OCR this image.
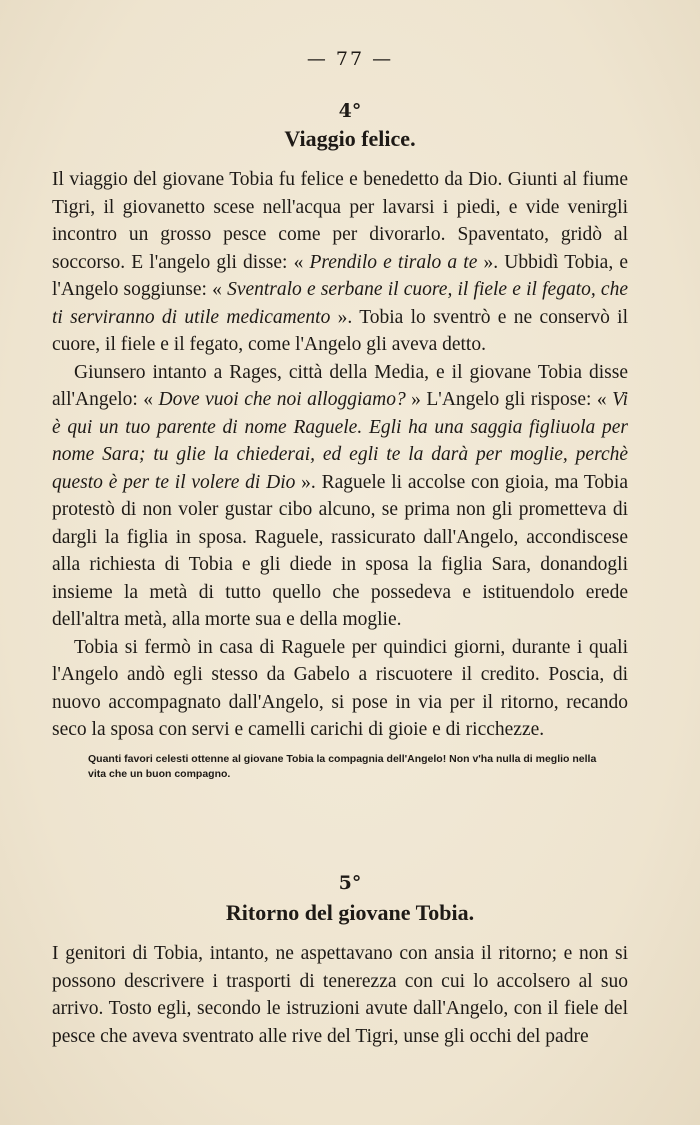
— 77 —
4°
Viaggio felice.

Il viaggio del giovane Tobia fu felice e benedetto da Dio. Giunti al fiume Tigri, il giovanetto scese nell'acqua per lavarsi i piedi, e vide venirgli incontro un grosso pesce come per divorarlo. Spaventato, gridò al soccorso. E l'angelo gli disse: « Prendilo e tiralo a te ». Ubbidì Tobia, e l'Angelo soggiunse: « Sventralo e serbane il cuore, il fiele e il fegato, che ti serviranno di utile medicamento ». Tobia lo sventrò e ne conservò il cuore, il fiele e il fegato, come l'Angelo gli aveva detto.

Giunsero intanto a Rages, città della Media, e il giovane Tobia disse all'Angelo: « Dove vuoi che noi alloggiamo? » L'Angelo gli rispose: « Vi è qui un tuo parente di nome Raguele. Egli ha una saggia figliuola per nome Sara; tu glie la chiederai, ed egli te la darà per moglie, perchè questo è per te il volere di Dio ». Raguele li accolse con gioia, ma Tobia protestò di non voler gustar cibo alcuno, se prima non gli prometteva di dargli la figlia in sposa. Raguele, rassicurato dall'Angelo, accondiscese alla richiesta di Tobia e gli diede in sposa la figlia Sara, donandogli insieme la metà di tutto quello che possedeva e istituendolo erede dell'altra metà, alla morte sua e della moglie.

Tobia si fermò in casa di Raguele per quindici giorni, durante i quali l'Angelo andò egli stesso da Gabelo a riscuotere il credito. Poscia, di nuovo accompagnato dall'Angelo, si pose in via per il ritorno, recando seco la sposa con servi e camelli carichi di gioie e di ricchezze.

Quanti favori celesti ottenne al giovane Tobia la compagnia dell'Angelo! Non v'ha nulla di meglio nella vita che un buon compagno.
5°
Ritorno del giovane Tobia.

I genitori di Tobia, intanto, ne aspettavano con ansia il ritorno; e non si possono descrivere i trasporti di tenerezza con cui lo accolsero al suo arrivo. Tosto egli, secondo le istruzioni avute dall'Angelo, con il fiele del pesce che aveva sventrato alle rive del Tigri, unse gli occhi del padre
